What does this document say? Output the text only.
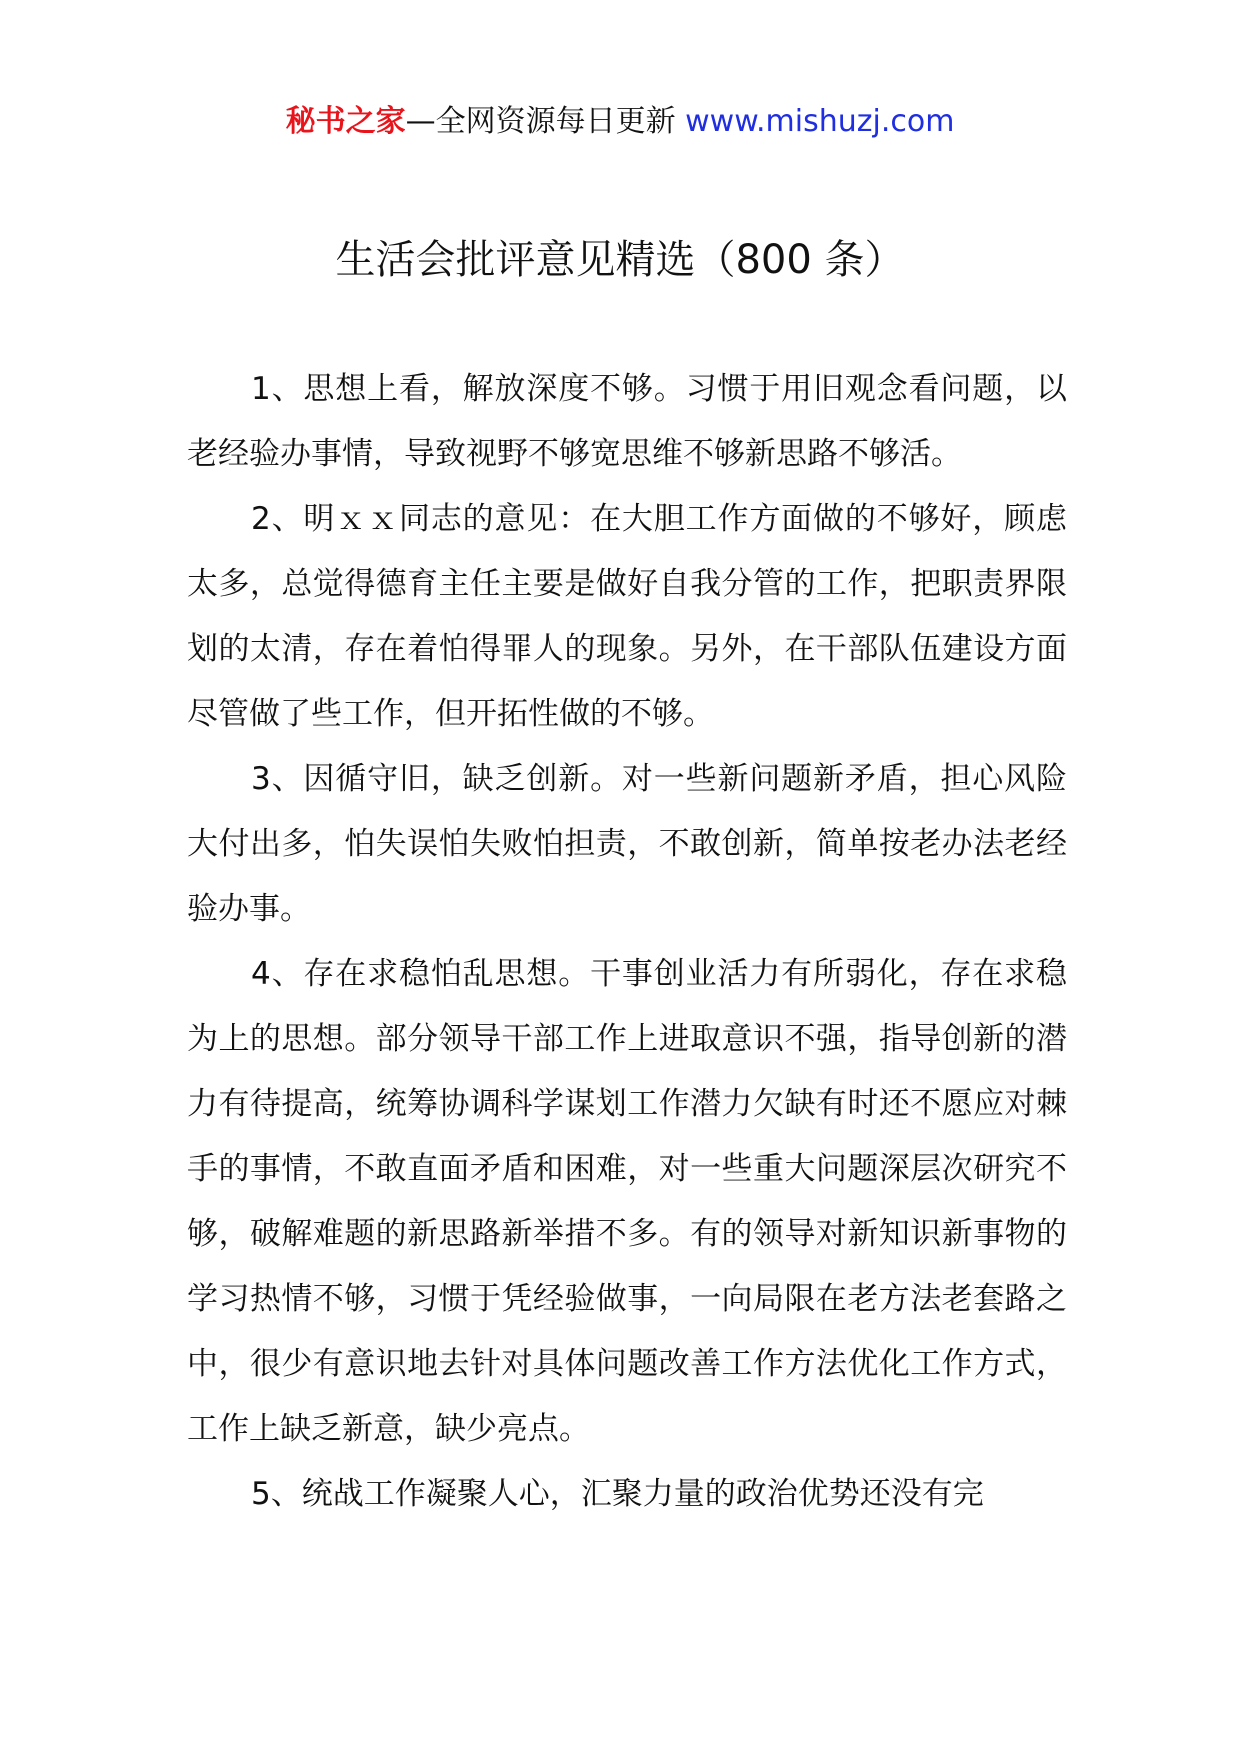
秘书之家—全网资源每日更新 www.mishuzj.com
生活会批评意见精选（800 条）

1、思想上看，解放深度不够。习惯于用旧观念看问题，以老经验办事情，导致视野不够宽思维不够新思路不够活。

2、明ｘｘ同志的意见：在大胆工作方面做的不够好，顾虑太多，总觉得德育主任主要是做好自我分管的工作，把职责界限划的太清，存在着怕得罪人的现象。另外，在干部队伍建设方面尽管做了些工作，但开拓性做的不够。

3、因循守旧，缺乏创新。对一些新问题新矛盾，担心风险大付出多，怕失误怕失败怕担责，不敢创新，简单按老办法老经验办事。

4、存在求稳怕乱思想。干事创业活力有所弱化，存在求稳为上的思想。部分领导干部工作上进取意识不强，指导创新的潜力有待提高，统筹协调科学谋划工作潜力欠缺有时还不愿应对棘手的事情，不敢直面矛盾和困难，对一些重大问题深层次研究不够，破解难题的新思路新举措不多。有的领导对新知识新事物的学习热情不够，习惯于凭经验做事，一向局限在老方法老套路之中，很少有意识地去针对具体问题改善工作方法优化工作方式，工作上缺乏新意，缺少亮点。

5、统战工作凝聚人心，汇聚力量的政治优势还没有完
